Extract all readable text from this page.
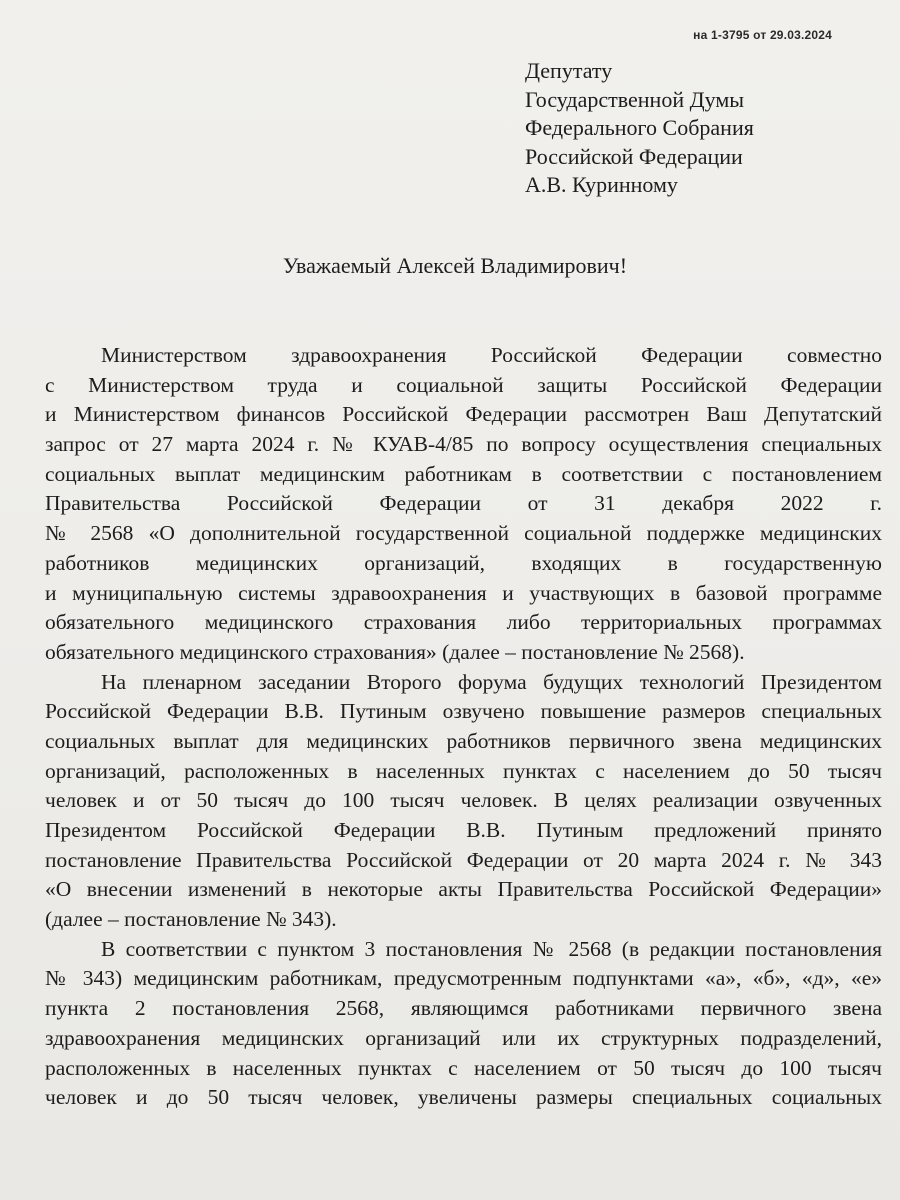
на 1-3795 от 29.03.2024
Депутату
Государственной Думы
Федерального Собрания
Российской Федерации
А.В. Куринному
Уважаемый Алексей Владимирович!
Министерством здравоохранения Российской Федерации совместно
с Министерством труда и социальной защиты Российской Федерации
и Министерством финансов Российской Федерации рассмотрен Ваш Депутатский
запрос от 27 марта 2024 г. № КУАВ-4/85 по вопросу осуществления специальных
социальных выплат медицинским работникам в соответствии с постановлением
Правительства Российской Федерации от 31 декабря 2022 г.
№ 2568 «О дополнительной государственной социальной поддержке медицинских
работников медицинских организаций, входящих в государственную
и муниципальную системы здравоохранения и участвующих в базовой программе
обязательного медицинского страхования либо территориальных программах
обязательного медицинского страхования» (далее – постановление № 2568).
На пленарном заседании Второго форума будущих технологий Президентом
Российской Федерации В.В. Путиным озвучено повышение размеров специальных
социальных выплат для медицинских работников первичного звена медицинских
организаций, расположенных в населенных пунктах с населением до 50 тысяч
человек и от 50 тысяч до 100 тысяч человек. В целях реализации озвученных
Президентом Российской Федерации В.В. Путиным предложений принято
постановление Правительства Российской Федерации от 20 марта 2024 г. № 343
«О внесении изменений в некоторые акты Правительства Российской Федерации»
(далее – постановление № 343).
В соответствии с пунктом 3 постановления № 2568 (в редакции постановления
№ 343) медицинским работникам, предусмотренным подпунктами «а», «б», «д», «е»
пункта 2 постановления 2568, являющимся работниками первичного звена
здравоохранения медицинских организаций или их структурных подразделений,
расположенных в населенных пунктах с населением от 50 тысяч до 100 тысяч
человек и до 50 тысяч человек, увеличены размеры специальных социальных
